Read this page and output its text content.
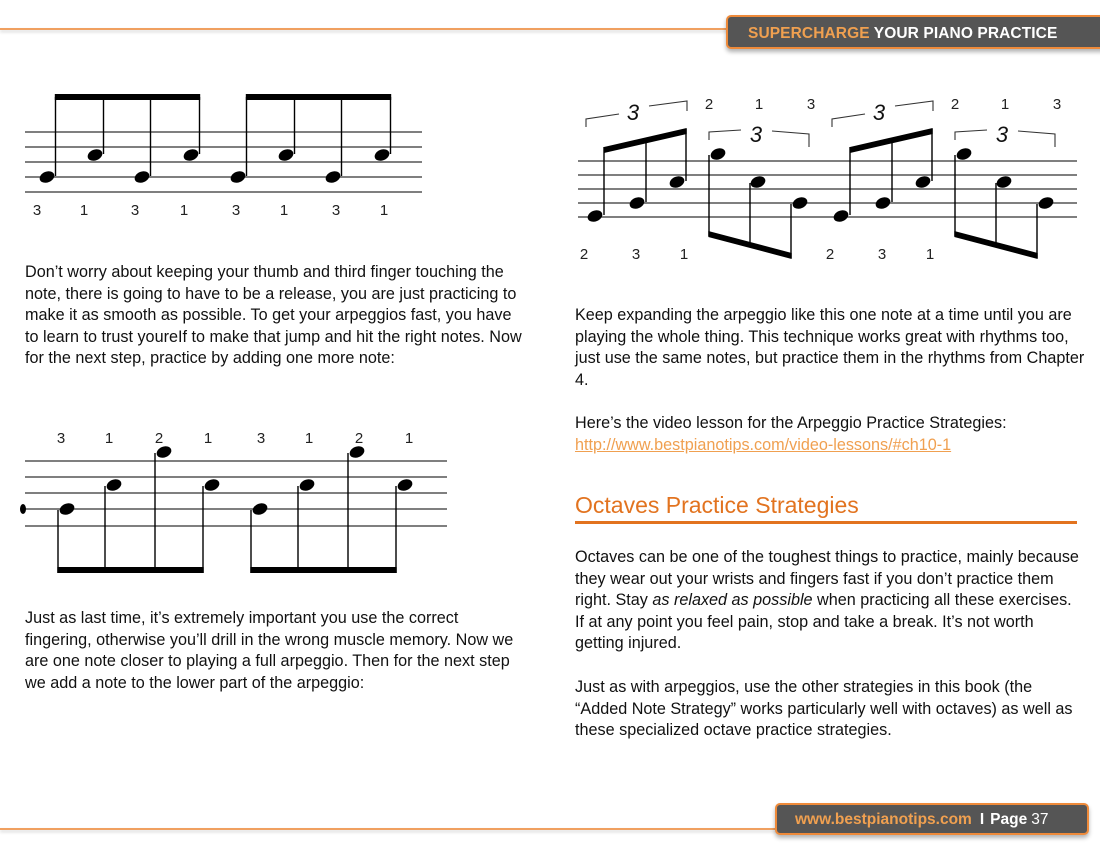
SUPERCHARGE YOUR PIANO PRACTICE
3	1	3	1	3	1	3	1

Don’t worry about keeping your thumb and third finger touching the note, there is going to have to be a release, you are just practicing to make it as smooth as possible. To get your arpeggios fast, you have to learn to trust youreIf to make that jump and hit the right notes. Now for the next step, practice by adding one more note:

3	1	2	1	3	1	2	1

Just as last time, it’s extremely important you use the correct fingering, otherwise you’ll drill in the wrong muscle memory. Now we are one note closer to playing a full arpeggio. Then for the next step we add a note to the lower part of the arpeggio:

3
3
2	1	3
2	3	1
3
3
2	1	3
2	3	1

Keep expanding the arpeggio like this one note at a time until you are playing the whole thing. This technique works great with rhythms too, just use the same notes, but practice them in the rhythms from Chapter 4.

Here’s the video lesson for the Arpeggio Practice Strategies:
http://www.bestpianotips.com/video-lessons/#ch10-1

Octaves Practice Strategies

Octaves can be one of the toughest things to practice, mainly because they wear out your wrists and fingers fast if you don’t practice them right. Stay as relaxed as possible when practicing all these exercises. If at any point you feel pain, stop and take a break. It’s not worth getting injured.

Just as with arpeggios, use the other strategies in this book (the “Added Note Strategy” works particularly well with octaves) as well as these specialized octave practice strategies.

www.bestpianotips.com I Page 37
